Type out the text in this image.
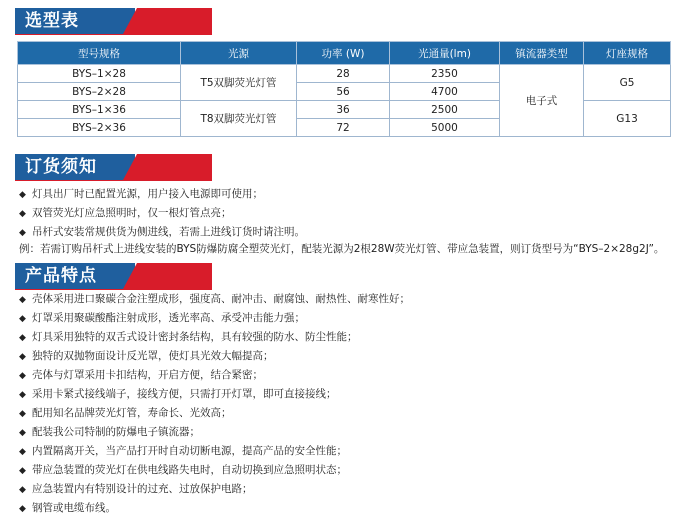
选型表
型号规格	光源	功率 (W)	光通量(lm)	镇流器类型	灯座规格
BYS–1×28	T5双脚荧光灯管	28	2350	电子式	G5
BYS–2×28		56	4700		
BYS–1×36	T8双脚荧光灯管	36	2500		G13
BYS–2×36		72	5000		
订货须知
◆ 灯具出厂时已配置光源，用户接入电源即可使用；
◆ 双管荧光灯应急照明时，仅一根灯管点亮；
◆ 吊杆式安装常规供货为侧进线，若需上进线订货时请注明。
例：若需订购吊杆式上进线安装的BYS防爆防腐全塑荧光灯，配装光源为2根28W荧光灯管、带应急装置，则订货型号为“BYS–2×28g2J”。
产品特点
◆ 壳体采用进口聚碳合金注塑成形，强度高、耐冲击、耐腐蚀、耐热性、耐寒性好；
◆ 灯罩采用聚碳酸酯注射成形，透光率高、承受冲击能力强；
◆ 灯具采用独特的双舌式设计密封条结构，具有较强的防水、防尘性能；
◆ 独特的双抛物面设计反光罩，使灯具光效大幅提高；
◆ 壳体与灯罩采用卡扣结构，开启方便，结合紧密；
◆ 采用卡紧式接线端子，接线方便，只需打开灯罩，即可直接接线；
◆ 配用知名品牌荧光灯管，寿命长、光效高；
◆ 配装我公司特制的防爆电子镇流器；
◆ 内置隔离开关，当产品打开时自动切断电源，提高产品的安全性能；
◆ 带应急装置的荧光灯在供电线路失电时，自动切换到应急照明状态；
◆ 应急装置内有特别设计的过充、过放保护电路；
◆ 钢管或电缆布线。
